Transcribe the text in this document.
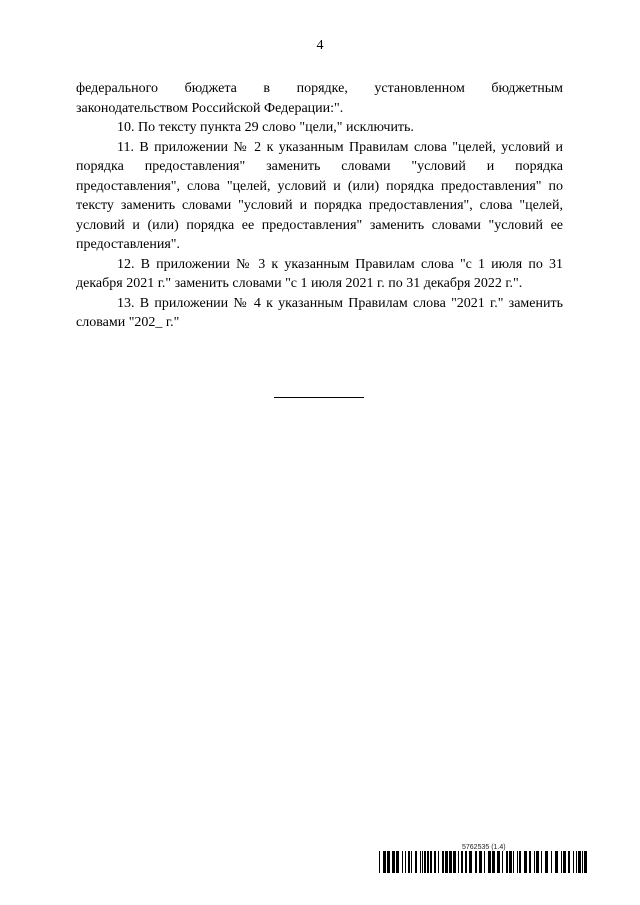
4

федерального бюджета в порядке, установленном бюджетным законодательством Российской Федерации:".

10. По тексту пункта 29 слово "цели," исключить.

11. В приложении № 2 к указанным Правилам слова "целей, условий и порядка предоставления" заменить словами "условий и порядка предоставления", слова "целей, условий и (или) порядка предоставления" по тексту заменить словами "условий и порядка предоставления", слова "целей, условий и (или) порядка ее предоставления" заменить словами "условий ее предоставления".

12. В приложении № 3 к указанным Правилам слова "с 1 июля по 31 декабря 2021 г." заменить словами "с 1 июля 2021 г. по 31 декабря 2022 г.".

13. В приложении № 4 к указанным Правилам слова "2021 г." заменить словами "202_ г."

5762535 (1.4)
